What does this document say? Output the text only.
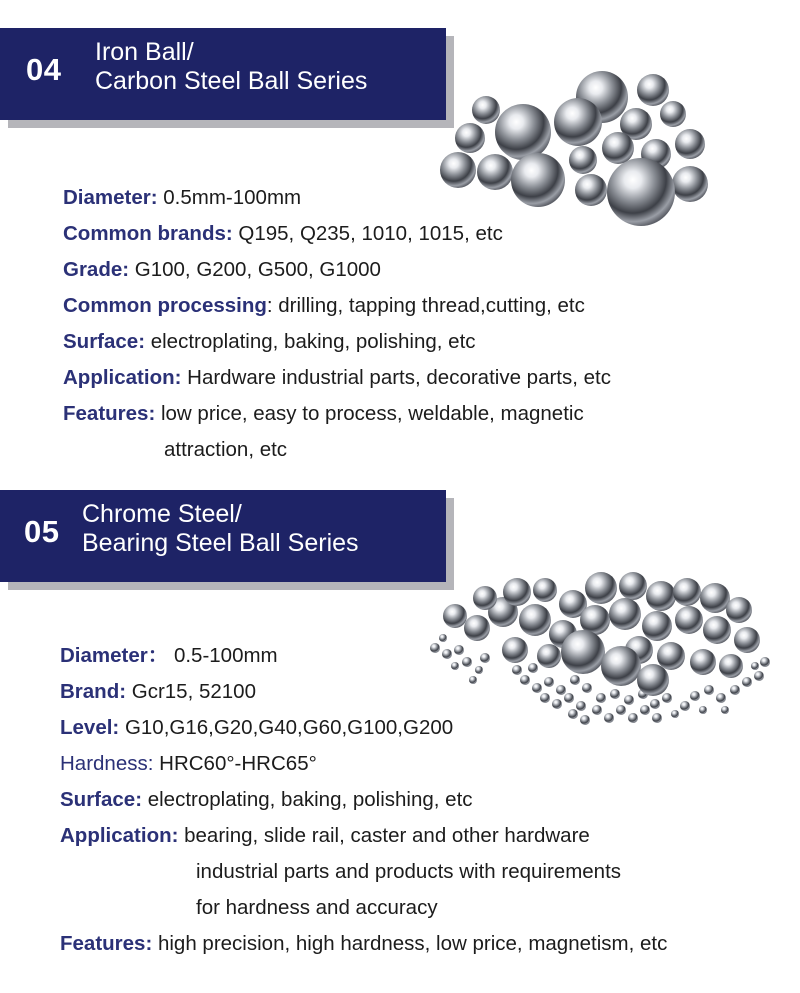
04 Iron Ball/
Carbon Steel Ball Series
Diameter: 0.5mm-100mm
Common brands: Q195, Q235, 1010, 1015, etc
Grade: G100, G200, G500, G1000
Common processing: drilling, tapping thread,cutting, etc
Surface: electroplating, baking, polishing, etc
Application: Hardware industrial parts, decorative parts, etc
Features: low price, easy to process, weldable, magnetic
attraction, etc
05 Chrome Steel/
Bearing Steel Ball Series
Diameter： 0.5-100mm
Brand: Gcr15, 52100
Level: G10,G16,G20,G40,G60,G100,G200
Hardness: HRC60°-HRC65°
Surface: electroplating, baking, polishing, etc
Application: bearing, slide rail, caster and other hardware
industrial parts and products with requirements
for hardness and accuracy
Features: high precision, high hardness, low price, magnetism, etc
